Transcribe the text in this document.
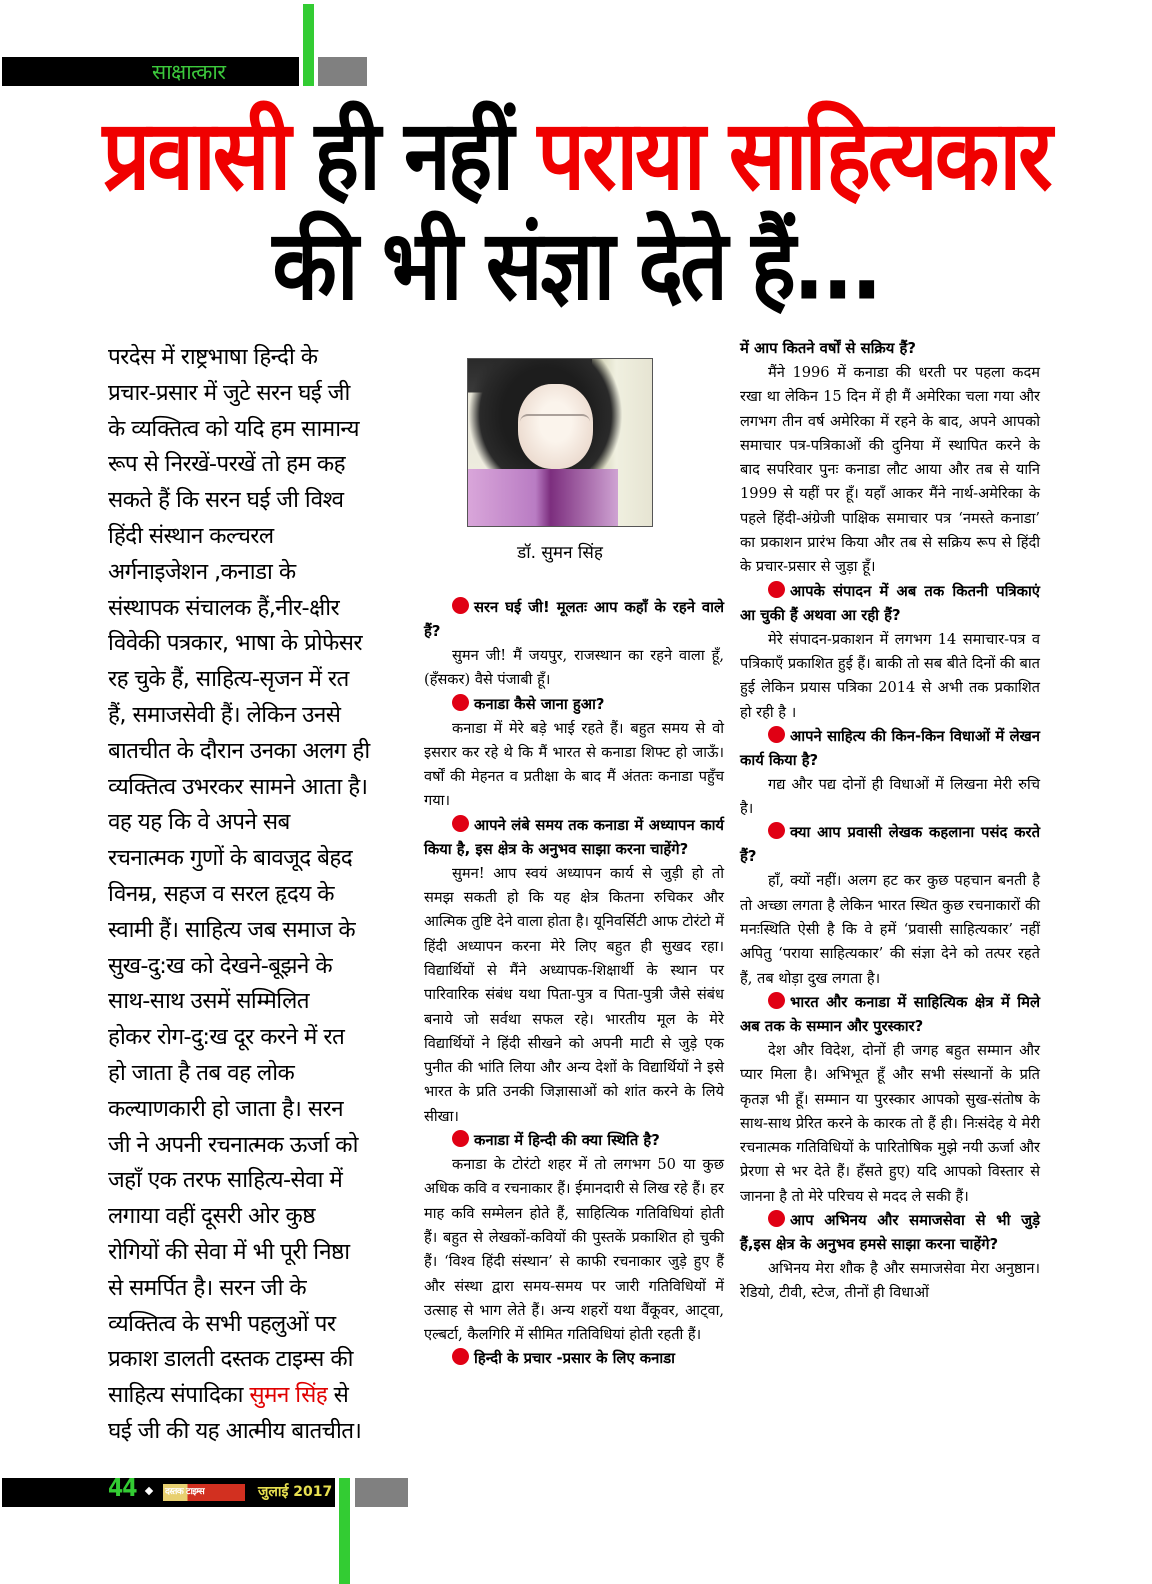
साक्षात्कार
प्रवासी ही नहीं पराया साहित्यकार
की भी संज्ञा देते हैं...
परदेस में राष्ट्रभाषा हिन्दी के
प्रचार-प्रसार में जुटे सरन घई जी
के व्यक्तित्व को यदि हम सामान्य
रूप से निरखें-परखें तो हम कह
सकते हैं कि सरन घई जी विश्व
हिंदी संस्थान कल्चरल
अर्गनाइजेशन ,कनाडा के
संस्थापक संचालक हैं,नीर-क्षीर
विवेकी पत्रकार, भाषा के प्रोफेसर
रह चुके हैं, साहित्य-सृजन में रत
हैं, समाजसेवी हैं। लेकिन उनसे
बातचीत के दौरान उनका अलग ही
व्यक्तित्व उभरकर सामने आता है।
वह यह कि वे अपने सब
रचनात्मक गुणों के बावजूद बेहद
विनम्र, सहज व सरल हृदय के
स्वामी हैं। साहित्य जब समाज के
सुख-दु:ख को देखने-बूझने के
साथ-साथ उसमें सम्मिलित
होकर रोग-दु:ख दूर करने में रत
हो जाता है तब वह लोक
कल्याणकारी हो जाता है। सरन
जी ने अपनी रचनात्मक ऊर्जा को
जहाँ एक तरफ साहित्य-सेवा में
लगाया वहीं दूसरी ओर कुष्ठ
रोगियों की सेवा में भी पूरी निष्ठा
से समर्पित है। सरन जी के
व्यक्तित्व के सभी पहलुओं पर
प्रकाश डालती दस्तक टाइम्स की
साहित्य संपादिका सुमन सिंह से
घई जी की यह आत्मीय बातचीत।
डॉ. सुमन सिंह

सरन घई जी! मूलतः आप कहाँ के रहने वाले हैं?

सुमन जी! मैं जयपुर, राजस्थान का रहने वाला हूँ,(हँसकर) वैसे पंजाबी हूँ।

कनाडा कैसे जाना हुआ?

कनाडा में मेरे बड़े भाई रहते हैं। बहुत समय से वो इसरार कर रहे थे कि मैं भारत से कनाडा शिफ्ट हो जाऊँ। वर्षों की मेहनत व प्रतीक्षा के बाद मैं अंततः कनाडा पहुँच गया।

आपने लंबे समय तक कनाडा में अध्यापन कार्य किया है, इस क्षेत्र के अनुभव साझा करना चाहेंगे?

सुमन! आप स्वयं अध्यापन कार्य से जुड़ी हो तो समझ सकती हो कि यह क्षेत्र कितना रुचिकर और आत्मिक तुष्टि देने वाला होता है। यूनिवर्सिटी आफ टोरंटो में हिंदी अध्यापन करना मेरे लिए बहुत ही सुखद रहा। विद्यार्थियों से मैंने अध्यापक-शिक्षार्थी के स्थान पर पारिवारिक संबंध यथा पिता-पुत्र व पिता-पुत्री जैसे संबंध बनाये जो सर्वथा सफल रहे। भारतीय मूल के मेरे विद्यार्थियों ने हिंदी सीखने को अपनी माटी से जुड़े एक पुनीत की भांति लिया और अन्य देशों के विद्यार्थियों ने इसे भारत के प्रति उनकी जिज्ञासाओं को शांत करने के लिये सीखा।

कनाडा में हिन्दी की क्या स्थिति है?

कनाडा के टोरंटो शहर में तो लगभग 50 या कुछ अधिक कवि व रचनाकार हैं। ईमानदारी से लिख रहे हैं। हर माह कवि सम्मेलन होते हैं, साहित्यिक गतिविधियां होती हैं। बहुत से लेखकों-कवियों की पुस्तकें प्रकाशित हो चुकी हैं। ‘विश्व हिंदी संस्थान’ से काफी रचनाकार जुड़े हुए हैं और संस्था द्वारा समय-समय पर जारी गतिविधियों में उत्साह से भाग लेते हैं। अन्य शहरों यथा वैंकूवर, आट्वा, एल्बर्टा, कैलगिरि में सीमित गतिविधियां होती रहती हैं।

हिन्दी के प्रचार -प्रसार के लिए कनाडा

में आप कितने वर्षों से सक्रिय हैं?

मैंने 1996 में कनाडा की धरती पर पहला कदम रखा था लेकिन 15 दिन में ही मैं अमेरिका चला गया और लगभग तीन वर्ष अमेरिका में रहने के बाद, अपने आपको समाचार पत्र-पत्रिकाओं की दुनिया में स्थापित करने के बाद सपरिवार पुनः कनाडा लौट आया और तब से यानि 1999 से यहीं पर हूँ। यहाँ आकर मैंने नार्थ-अमेरिका के पहले हिंदी-अंग्रेजी पाक्षिक समाचार पत्र ‘नमस्ते कनाडा’ का प्रकाशन प्रारंभ किया और तब से सक्रिय रूप से हिंदी के प्रचार-प्रसार से जुड़ा हूँ।

आपके संपादन में अब तक कितनी पत्रिकाएं आ चुकी हैं अथवा आ रही हैं?

मेरे संपादन-प्रकाशन में लगभग 14 समाचार-पत्र व पत्रिकाएँ प्रकाशित हुई हैं। बाकी तो सब बीते दिनों की बात हुई लेकिन प्रयास पत्रिका 2014 से अभी तक प्रकाशित हो रही है ।

आपने साहित्य की किन-किन विधाओं में लेखन कार्य किया है?

गद्य और पद्य दोनों ही विधाओं में लिखना मेरी रुचि है।

क्या आप प्रवासी लेखक कहलाना पसंद करते हैं?

हाँ, क्यों नहीं। अलग हट कर कुछ पहचान बनती है तो अच्छा लगता है लेकिन भारत स्थित कुछ रचनाकारों की मनःस्थिति ऐसी है कि वे हमें ‘प्रवासी साहित्यकार’ नहीं अपितु ‘पराया साहित्यकार’ की संज्ञा देने को तत्पर रहते हैं, तब थोड़ा दुख लगता है।

भारत और कनाडा में साहित्यिक क्षेत्र में मिले अब तक के सम्मान और पुरस्कार?

देश और विदेश, दोनों ही जगह बहुत सम्मान और प्यार मिला है। अभिभूत हूँ और सभी संस्थानों के प्रति कृतज्ञ भी हूँ। सम्मान या पुरस्कार आपको सुख-संतोष के साथ-साथ प्रेरित करने के कारक तो हैं ही। निःसंदेह ये मेरी रचनात्मक गतिविधियों के पारितोषिक मुझे नयी ऊर्जा और प्रेरणा से भर देते हैं। हँसते हुए) यदि आपको विस्तार से जानना है तो मेरे परिचय से मदद ले सकी हैं।

आप अभिनय और समाजसेवा से भी जुड़े हैं,इस क्षेत्र के अनुभव हमसे साझा करना चाहेंगे?

अभिनय मेरा शौक है और समाजसेवा मेरा अनुष्ठान। रेडियो, टीवी, स्टेज, तीनों ही विधाओं

44	दस्तक टाइम्स	जुलाई 2017
